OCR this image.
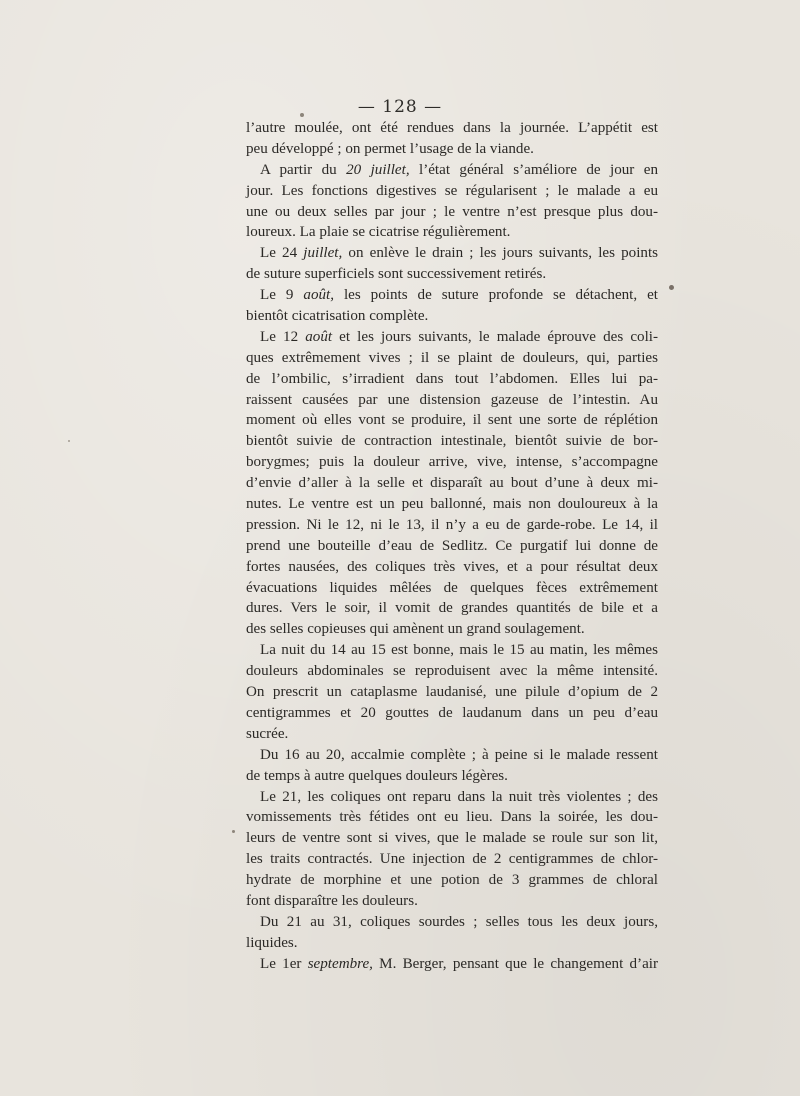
— 128 —
l’autre moulée, ont été rendues dans la journée. L’appétit est
peu développé ; on permet l’usage de la viande.
A partir du 20 juillet, l’état général s’améliore de jour en
jour. Les fonctions digestives se régularisent ; le malade a eu
une ou deux selles par jour ; le ventre n’est presque plus dou-
loureux. La plaie se cicatrise régulièrement.
Le 24 juillet, on enlève le drain ; les jours suivants, les points
de suture superficiels sont successivement retirés.
Le 9 août, les points de suture profonde se détachent, et
bientôt cicatrisation complète.
Le 12 août et les jours suivants, le malade éprouve des coli-
ques extrêmement vives ; il se plaint de douleurs, qui, parties
de l’ombilic, s’irradient dans tout l’abdomen. Elles lui pa-
raissent causées par une distension gazeuse de l’intestin. Au
moment où elles vont se produire, il sent une sorte de réplétion
bientôt suivie de contraction intestinale, bientôt suivie de bor-
borygmes; puis la douleur arrive, vive, intense, s’accompagne
d’envie d’aller à la selle et disparaît au bout d’une à deux mi-
nutes. Le ventre est un peu ballonné, mais non douloureux à la
pression. Ni le 12, ni le 13, il n’y a eu de garde-robe. Le 14, il
prend une bouteille d’eau de Sedlitz. Ce purgatif lui donne de
fortes nausées, des coliques très vives, et a pour résultat deux
évacuations liquides mêlées de quelques fèces extrêmement
dures. Vers le soir, il vomit de grandes quantités de bile et a
des selles copieuses qui amènent un grand soulagement.
La nuit du 14 au 15 est bonne, mais le 15 au matin, les mêmes
douleurs abdominales se reproduisent avec la même intensité.
On prescrit un cataplasme laudanisé, une pilule d’opium de 2
centigrammes et 20 gouttes de laudanum dans un peu d’eau
sucrée.
Du 16 au 20, accalmie complète ; à peine si le malade ressent
de temps à autre quelques douleurs légères.
Le 21, les coliques ont reparu dans la nuit très violentes ; des
vomissements très fétides ont eu lieu. Dans la soirée, les dou-
leurs de ventre sont si vives, que le malade se roule sur son lit,
les traits contractés. Une injection de 2 centigrammes de chlor-
hydrate de morphine et une potion de 3 grammes de chloral
font disparaître les douleurs.
Du 21 au 31, coliques sourdes ; selles tous les deux jours,
liquides.
Le 1er septembre, M. Berger, pensant que le changement d’air
